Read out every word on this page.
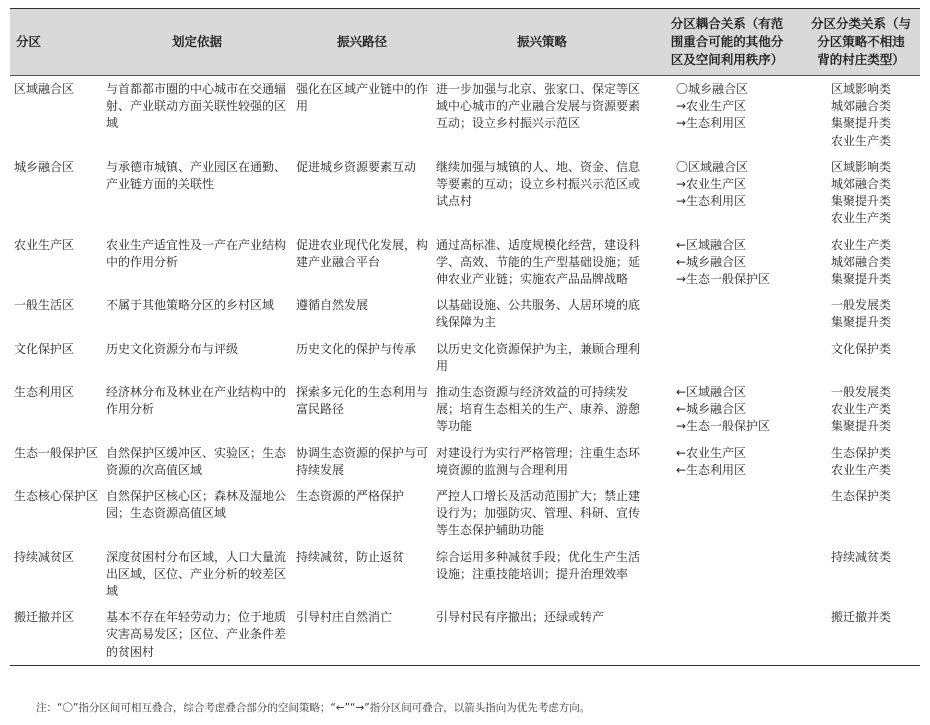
分区	划定依据	振兴路径	振兴策略	分区耦合关系（有范
围重合可能的其他分
区及空间利用秩序）	分区分类关系（与
分区策略不相违
背的村庄类型）

区域融合区	与首都都市圈的中心城市在交通辐射、产业联动方面关联性较强的区域	强化在区域产业链中的作用	进一步加强与北京、张家口、保定等区域中心城市的产业融合发展与资源要素互动；设立乡村振兴示范区	〇城乡融合区
→农业生产区
→生态利用区	区域影响类
城郊融合类
集聚提升类
农业生产类

城乡融合区	与承德市城镇、产业园区在通勤、产业链方面的关联性	促进城乡资源要素互动	继续加强与城镇的人、地、资金、信息等要素的互动；设立乡村振兴示范区或试点村	〇区域融合区
→农业生产区
→生态利用区	区域影响类
城郊融合类
集聚提升类
农业生产类

农业生产区	农业生产适宜性及一产在产业结构中的作用分析	促进农业现代化发展，构建产业融合平台	通过高标准、适度规模化经营，建设科学、高效、节能的生产型基础设施；延伸农业产业链；实施农产品品牌战略	←区域融合区
←城乡融合区
→生态一般保护区	农业生产类
城郊融合类
集聚提升类

一般生活区	不属于其他策略分区的乡村区域	遵循自然发展	以基础设施、公共服务、人居环境的底线保障为主		一般发展类
集聚提升类

文化保护区	历史文化资源分布与评级	历史文化的保护与传承	以历史文化资源保护为主，兼顾合理利用		文化保护类

生态利用区	经济林分布及林业在产业结构中的作用分析	探索多元化的生态利用与富民路径	推动生态资源与经济效益的可持续发展；培育生态相关的生产、康养、游憩等功能	←区域融合区
←城乡融合区
→生态一般保护区	一般发展类
农业生产类
集聚提升类

生态一般保护区	自然保护区缓冲区、实验区；生态资源的次高值区域	协调生态资源的保护与可持续发展	对建设行为实行严格管理；注重生态环境资源的监测与合理利用	←农业生产区
←生态利用区	生态保护类
农业生产类

生态核心保护区	自然保护区核心区；森林及湿地公园；生态资源高值区域	生态资源的严格保护	严控人口增长及活动范围扩大；禁止建设行为；加强防灾、管理、科研、宣传等生态保护辅助功能		生态保护类

持续减贫区	深度贫困村分布区域，人口大量流出区域，区位、产业分析的较差区域	持续减贫，防止返贫	综合运用多种减贫手段；优化生产生活设施；注重技能培训；提升治理效率		持续减贫类

搬迁撤并区	基本不存在年轻劳动力；位于地质灾害高易发区；区位、产业条件差的贫困村	引导村庄自然消亡	引导村民有序撤出；还绿或转产		搬迁撤并类
注：“〇”指分区间可相互叠合，综合考虑叠合部分的空间策略；“←”“→”指分区间可叠合，以箭头指向为优先考虑方向。
